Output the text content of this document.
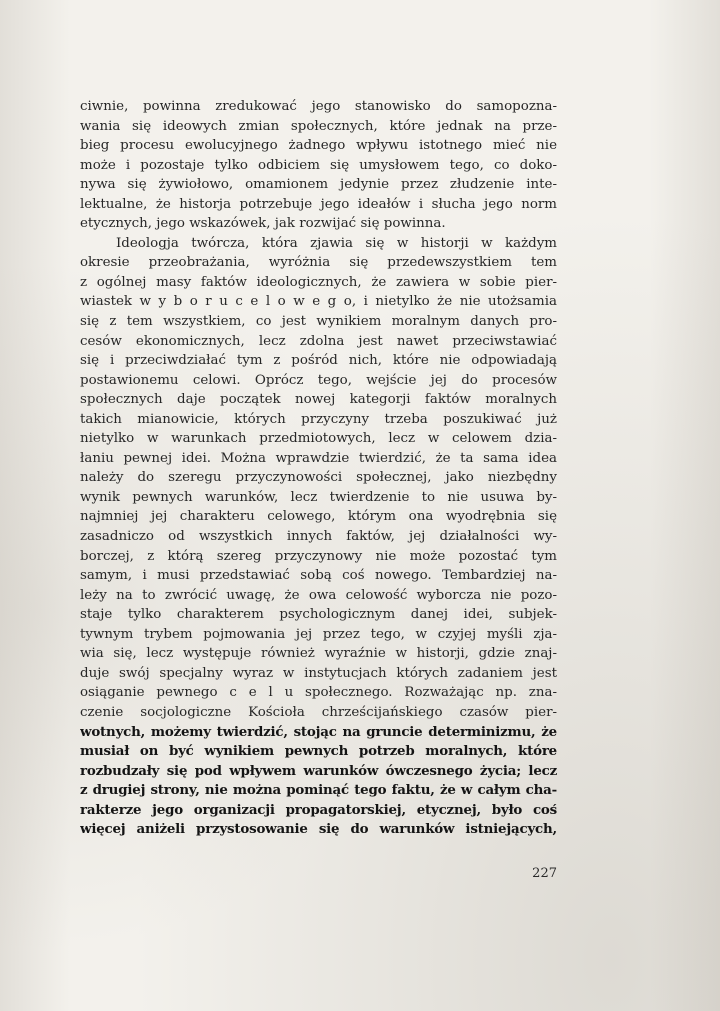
ciwnie, powinna zredukować jego stanowisko do samopozna-
wania się ideowych zmian społecznych, które jednak na prze-
bieg procesu ewolucyjnego żadnego wpływu istotnego mieć nie
może i pozostaje tylko odbiciem się umysłowem tego, co doko-
nywa się żywiołowo, omamionem jedynie przez złudzenie inte-
lektualne, że historja potrzebuje jego ideałów i słucha jego norm
etycznych, jego wskazówek, jak rozwijać się powinna.
Ideologja twórcza, która zjawia się w historji w każdym
okresie przeobrażania, wyróżnia się przedewszystkiem tem
z ogólnej masy faktów ideologicznych, że zawiera w sobie pier-
wiastek w y b o r u c e l o w e g o, i nietylko że nie utożsamia
się z tem wszystkiem, co jest wynikiem moralnym danych pro-
cesów ekonomicznych, lecz zdolna jest nawet przeciwstawiać
się i przeciwdziałać tym z pośród nich, które nie odpowiadają
postawionemu celowi. Oprócz tego, wejście jej do procesów
społecznych daje początek nowej kategorji faktów moralnych
takich mianowicie, których przyczyny trzeba poszukiwać już
nietylko w warunkach przedmiotowych, lecz w celowem dzia-
łaniu pewnej idei. Można wprawdzie twierdzić, że ta sama idea
należy do szeregu przyczynowości społecznej, jako niezbędny
wynik pewnych warunków, lecz twierdzenie to nie usuwa by-
najmniej jej charakteru celowego, którym ona wyodrębnia się
zasadniczo od wszystkich innych faktów, jej działalności wy-
borczej, z którą szereg przyczynowy nie może pozostać tym
samym, i musi przedstawiać sobą coś nowego. Tembardziej na-
leży na to zwrócić uwagę, że owa celowość wyborcza nie pozo-
staje tylko charakterem psychologicznym danej idei, subjek-
tywnym trybem pojmowania jej przez tego, w czyjej myśli zja-
wia się, lecz występuje również wyraźnie w historji, gdzie znaj-
duje swój specjalny wyraz w instytucjach których zadaniem jest
osiąganie pewnego c e l u społecznego. Rozważając np. zna-
czenie socjologiczne Kościoła chrześcijańskiego czasów pier-
wotnych, możemy twierdzić, stojąc na gruncie determinizmu, że
musiał on być wynikiem pewnych potrzeb moralnych, które
rozbudzały się pod wpływem warunków ówczesnego życia; lecz
z drugiej strony, nie można pominąć tego faktu, że w całym cha-
rakterze jego organizacji propagatorskiej, etycznej, było coś
więcej aniżeli przystosowanie się do warunków istniejących,
227
